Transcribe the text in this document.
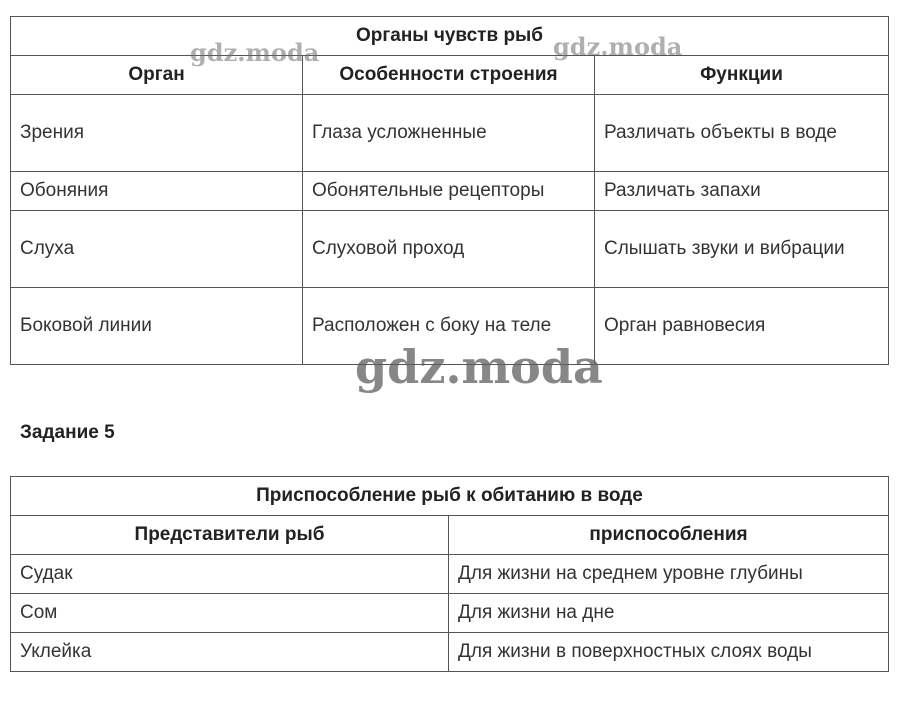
Органы чувств рыб		
Орган	Особенности строения	Функции
Зрения	Глаза усложненные	Различать объекты в воде
Обоняния	Обонятельные рецепторы	Различать запахи
Слуха	Слуховой проход	Слышать звуки и вибрации
Боковой линии	Расположен с боку на теле	Орган равновесия
Задание 5
Приспособление рыб к обитанию в воде	
Представители рыб	приспособления
Судак	Для жизни на среднем уровне глубины
Сом	Для жизни на дне
Уклейка	Для жизни в поверхностных слоях воды
gdz.moda	gdz.moda
gdz.moda
